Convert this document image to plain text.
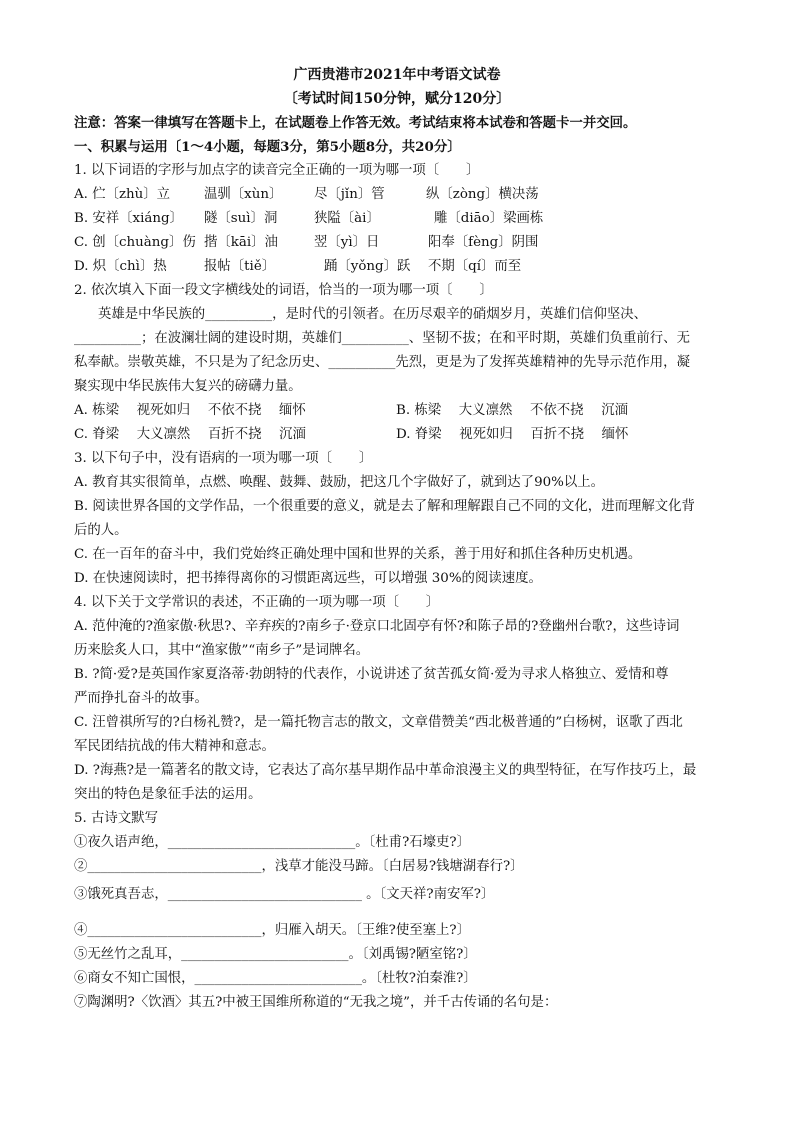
广西贵港市2021年中考语文试卷
〔考试时间150分钟，赋分120分〕
注意：答案一律填写在答题卡上，在试题卷上作答无效。考试结束将本试卷和答题卡一并交回。
一、积累与运用〔1～4小题，每题3分，第5小题8分，共20分〕
1. 以下词语的字形与加点字的读音完全正确的一项为哪一项〔　　〕
A. 伫〔zhù〕立	温驯〔xùn〕 尽〔jǐn〕管	纵〔zòng〕横决荡
B. 安祥〔xiáng〕 隧〔suì〕洞	狭隘〔ài〕	雕〔diāo〕梁画栋
C. 创〔chuàng〕伤 揩〔kāi〕油	翌〔yì〕日	阳奉〔fèng〕阴围
D. 炽〔chì〕热	报帖〔tiě〕	踊〔yǒng〕跃 不期〔qí〕而至
2. 依次填入下面一段文字横线处的词语，恰当的一项为哪一项〔　　〕
英雄是中华民族的__________，是时代的引领者。在历尽艰辛的硝烟岁月，英雄们信仰坚决、
__________；在波澜壮阔的建设时期，英雄们__________、坚韧不拔；在和平时期，英雄们负重前行、无
私奉献。崇敬英雄，不只是为了纪念历史、__________先烈，更是为了发挥英雄精神的先导示范作用，凝
聚实现中华民族伟大复兴的磅礴力量。
A. 栋梁　 视死如归　 不依不挠　 缅怀	B. 栋梁　 大义凛然　 不依不挠　 沉湎
C. 脊梁　 大义凛然　 百折不挠　 沉湎	D. 脊梁　 视死如归　 百折不挠　 缅怀
3. 以下句子中，没有语病的一项为哪一项〔　　〕
A. 教育其实很简单，点燃、唤醒、鼓舞、鼓励，把这几个字做好了，就到达了90%以上。
B. 阅读世界各国的文学作品，一个很重要的意义，就是去了解和理解跟自己不同的文化，进而理解文化背
后的人。
C. 在一百年的奋斗中，我们党始终正确处理中国和世界的关系，善于用好和抓住各种历史机遇。
D. 在快速阅读时，把书捧得离你的习惯距离远些，可以增强 30%的阅读速度。
4. 以下关于文学常识的表述，不正确的一项为哪一项〔　　〕
A. 范仲淹的?渔家傲·秋思?、辛弃疾的?南乡子·登京口北固亭有怀?和陈子昂的?登幽州台歌?，这些诗词
历来脍炙人口，其中“渔家傲”“南乡子”是词牌名。
B. ?简·爱?是英国作家夏洛蒂·勃朗特的代表作，小说讲述了贫苦孤女简·爱为寻求人格独立、爱情和尊
严而挣扎奋斗的故事。
C. 汪曾祺所写的?白杨礼赞?，是一篇托物言志的散文，文章借赞美“西北极普通的”白杨树，讴歌了西北
军民团结抗战的伟大精神和意志。
D. ?海燕?是一篇著名的散文诗，它表达了高尔基早期作品中革命浪漫主义的典型特征，在写作技巧上，最
突出的特色是象征手法的运用。
5. 古诗文默写
①夜久语声绝，____________________________。〔杜甫?石壕吏?〕
②__________________________，浅草才能没马蹄。〔白居易?钱塘湖春行?〕
③饿死真吾志，_____________________________ 。〔文天祥?南安军?〕
④__________________________，归雁入胡天。〔王维?使至塞上?〕
⑤无丝竹之乱耳，_________________________。〔刘禹锡?陋室铭?〕
⑥商女不知亡国恨，_________________________。〔杜牧?泊秦淮?〕
⑦陶渊明?〈饮酒〉其五?中被王国维所称道的“无我之境”，并千古传诵的名句是：
